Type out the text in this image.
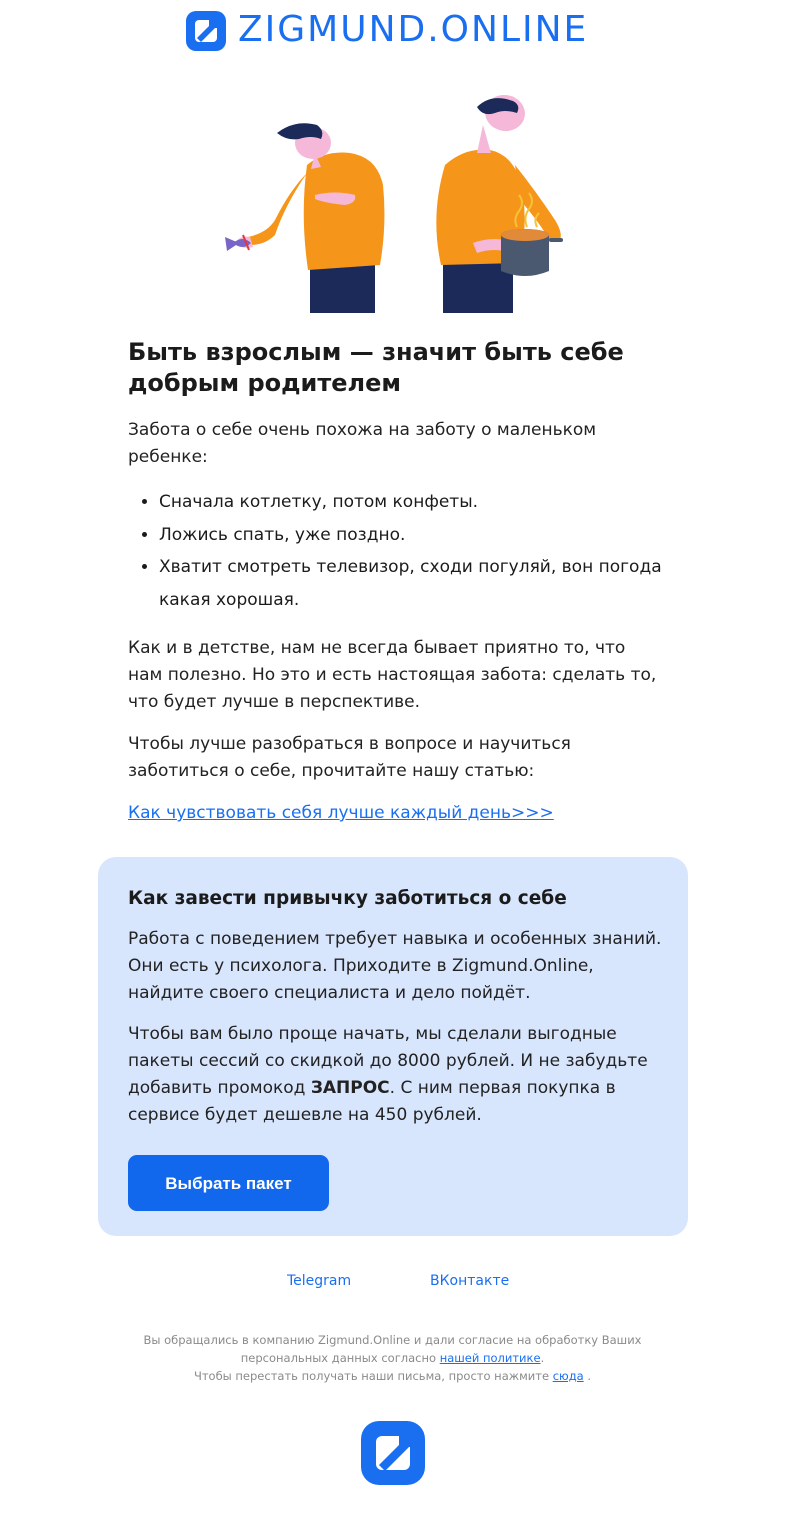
ZIGMUND.ONLINE
Быть взрослым — значит быть себе добрым родителем

Забота о себе очень похожа на заботу о маленьком ребенке:

• Сначала котлетку, потом конфеты.
• Ложись спать, уже поздно.
• Хватит смотреть телевизор, сходи погуляй, вон погода какая хорошая.

Как и в детстве, нам не всегда бывает приятно то, что нам полезно. Но это и есть настоящая забота: сделать то, что будет лучше в перспективе.

Чтобы лучше разобраться в вопросе и научиться заботиться о себе, прочитайте нашу статью:

Как чувствовать себя лучше каждый день>>>
Как завести привычку заботиться о себе

Работа с поведением требует навыка и особенных знаний. Они есть у психолога. Приходите в Zigmund.Online, найдите своего специалиста и дело пойдёт.

Чтобы вам было проще начать, мы сделали выгодные пакеты сессий со скидкой до 8000 рублей. И не забудьте добавить промокод ЗАПРОС. С ним первая покупка в сервисе будет дешевле на 450 рублей.

Выбрать пакет
Telegram	ВКонтакте
Вы обращались в компанию Zigmund.Online и дали согласие на обработку Ваших персональных данных согласно нашей политике.
Чтобы перестать получать наши письма, просто нажмите сюда .
